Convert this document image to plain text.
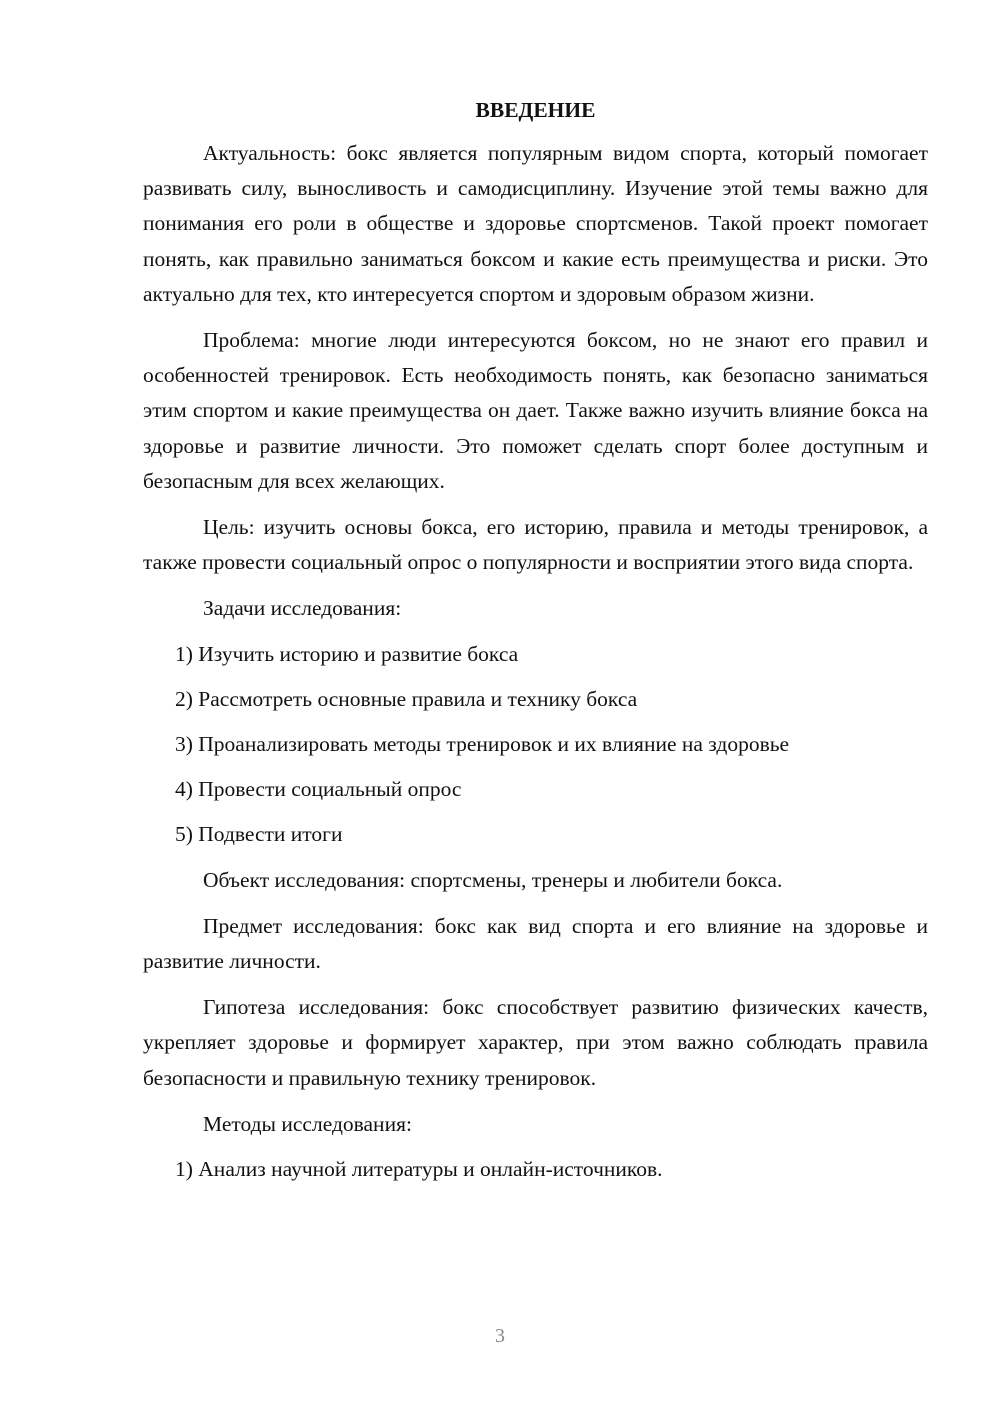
ВВЕДЕНИЕ

Актуальность: бокс является популярным видом спорта, который помогает развивать силу, выносливость и самодисциплину. Изучение этой темы важно для понимания его роли в обществе и здоровье спортсменов. Такой проект помогает понять, как правильно заниматься боксом и какие есть преимущества и риски. Это актуально для тех, кто интересуется спортом и здоровым образом жизни.

Проблема: многие люди интересуются боксом, но не знают его правил и особенностей тренировок. Есть необходимость понять, как безопасно заниматься этим спортом и какие преимущества он дает. Также важно изучить влияние бокса на здоровье и развитие личности. Это поможет сделать спорт более доступным и безопасным для всех желающих.

Цель: изучить основы бокса, его историю, правила и методы тренировок, а также провести социальный опрос о популярности и восприятии этого вида спорта.

Задачи исследования:

1) Изучить историю и развитие бокса
2) Рассмотреть основные правила и технику бокса
3) Проанализировать методы тренировок и их влияние на здоровье
4) Провести социальный опрос
5) Подвести итоги

Объект исследования: спортсмены, тренеры и любители бокса.

Предмет исследования: бокс как вид спорта и его влияние на здоровье и развитие личности.

Гипотеза исследования: бокс способствует развитию физических качеств, укрепляет здоровье и формирует характер, при этом важно соблюдать правила безопасности и правильную технику тренировок.

Методы исследования:

1) Анализ научной литературы и онлайн-источников.
3
